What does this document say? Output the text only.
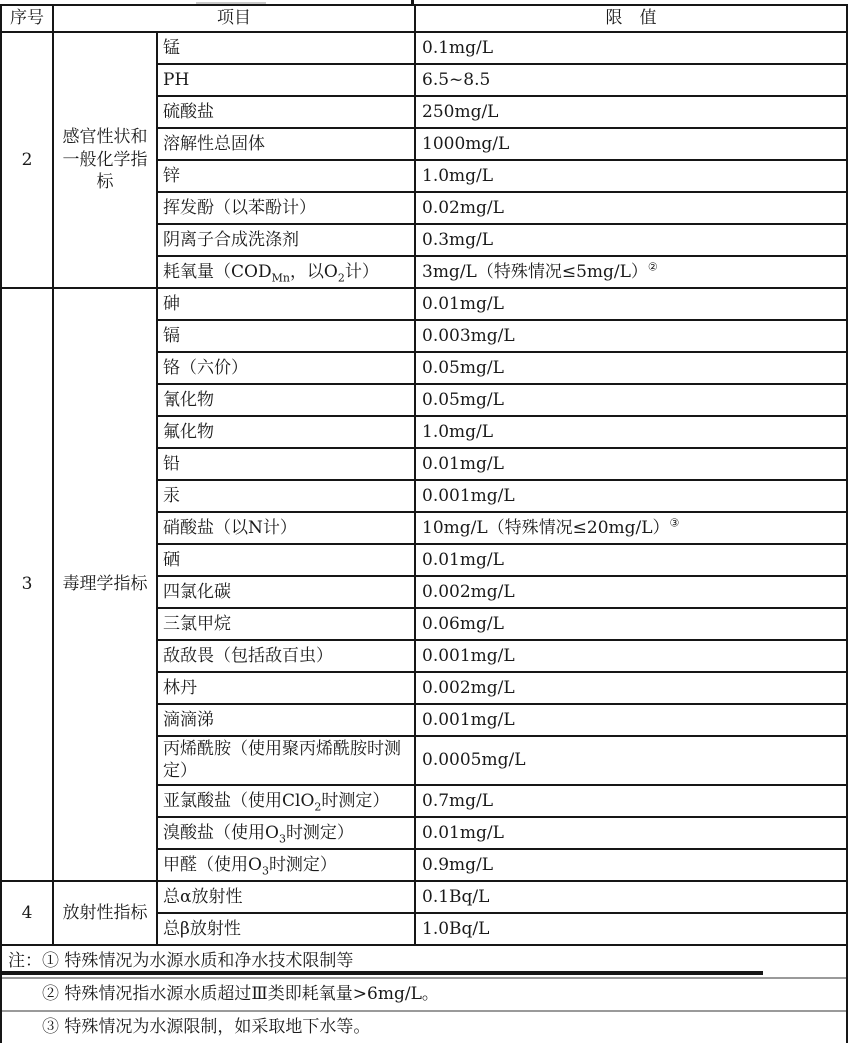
序号	项目		限　值
2	感官性状和一般化学指标	锰	0.1mg/L
		PH	6.5~8.5
		硫酸盐	250mg/L
		溶解性总固体	1000mg/L
		锌	1.0mg/L
		挥发酚（以苯酚计）	0.02mg/L
		阴离子合成洗涤剂	0.3mg/L
		耗氧量（$COD_{Mn}$，以$O_2$计）	3mg/L（特殊情况≤5mg/L）②
3	毒理学指标	砷	0.01mg/L
		镉	0.003mg/L
		铬（六价）	0.05mg/L
		氰化物	0.05mg/L
		氟化物	1.0mg/L
		铅	0.01mg/L
		汞	0.001mg/L
		硝酸盐（以N计）	10mg/L（特殊情况≤20mg/L）③
		硒	0.01mg/L
		四氯化碳	0.002mg/L
		三氯甲烷	0.06mg/L
		敌敌畏（包括敌百虫）	0.001mg/L
		林丹	0.002mg/L
		滴滴涕	0.001mg/L
		丙烯酰胺（使用聚丙烯酰胺时测定）	0.0005mg/L
		亚氯酸盐（使用ClO$_2$时测定）	0.7mg/L
		溴酸盐（使用$O_3$时测定）	0.01mg/L
		甲醛（使用$O_3$时测定）	0.9mg/L
4	放射性指标	总α放射性	0.1Bq/L
		总β放射性	1.0Bq/L
注：① 特殊情况为水源水质和净水技术限制等			
② 特殊情况指水源水质超过Ⅲ类即耗氧量>6mg/L。			
③ 特殊情况为水源限制，如采取地下水等。			
